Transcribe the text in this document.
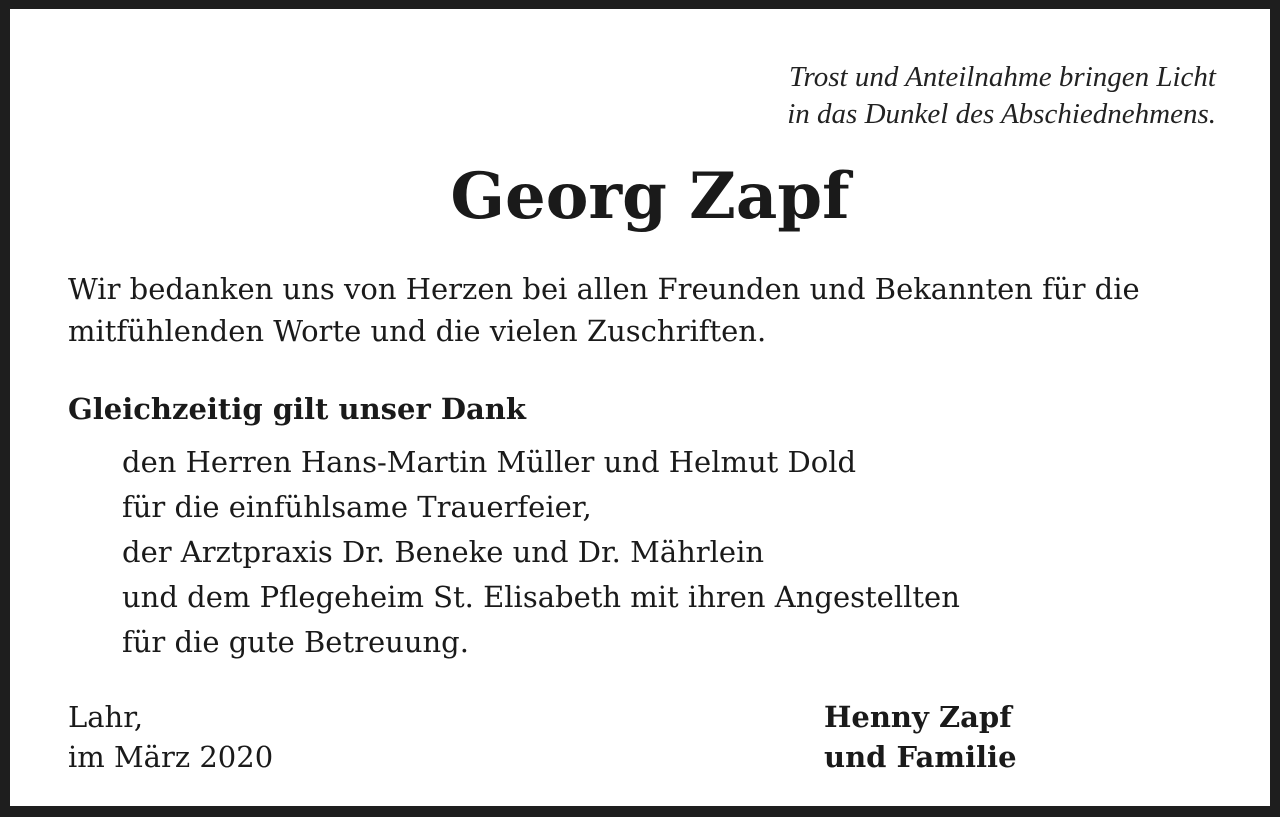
Trost und Anteilnahme bringen Licht
in das Dunkel des Abschiednehmens.
Georg Zapf
Wir bedanken uns von Herzen bei allen Freunden und Bekannten für die
mitfühlenden Worte und die vielen Zuschriften.
Gleichzeitig gilt unser Dank
den Herren Hans-Martin Müller und Helmut Dold
für die einfühlsame Trauerfeier,
der Arztpraxis Dr. Beneke und Dr. Mährlein
und dem Pflegeheim St. Elisabeth mit ihren Angestellten
für die gute Betreuung.
Lahr,
im März 2020
Henny Zapf
und Familie
